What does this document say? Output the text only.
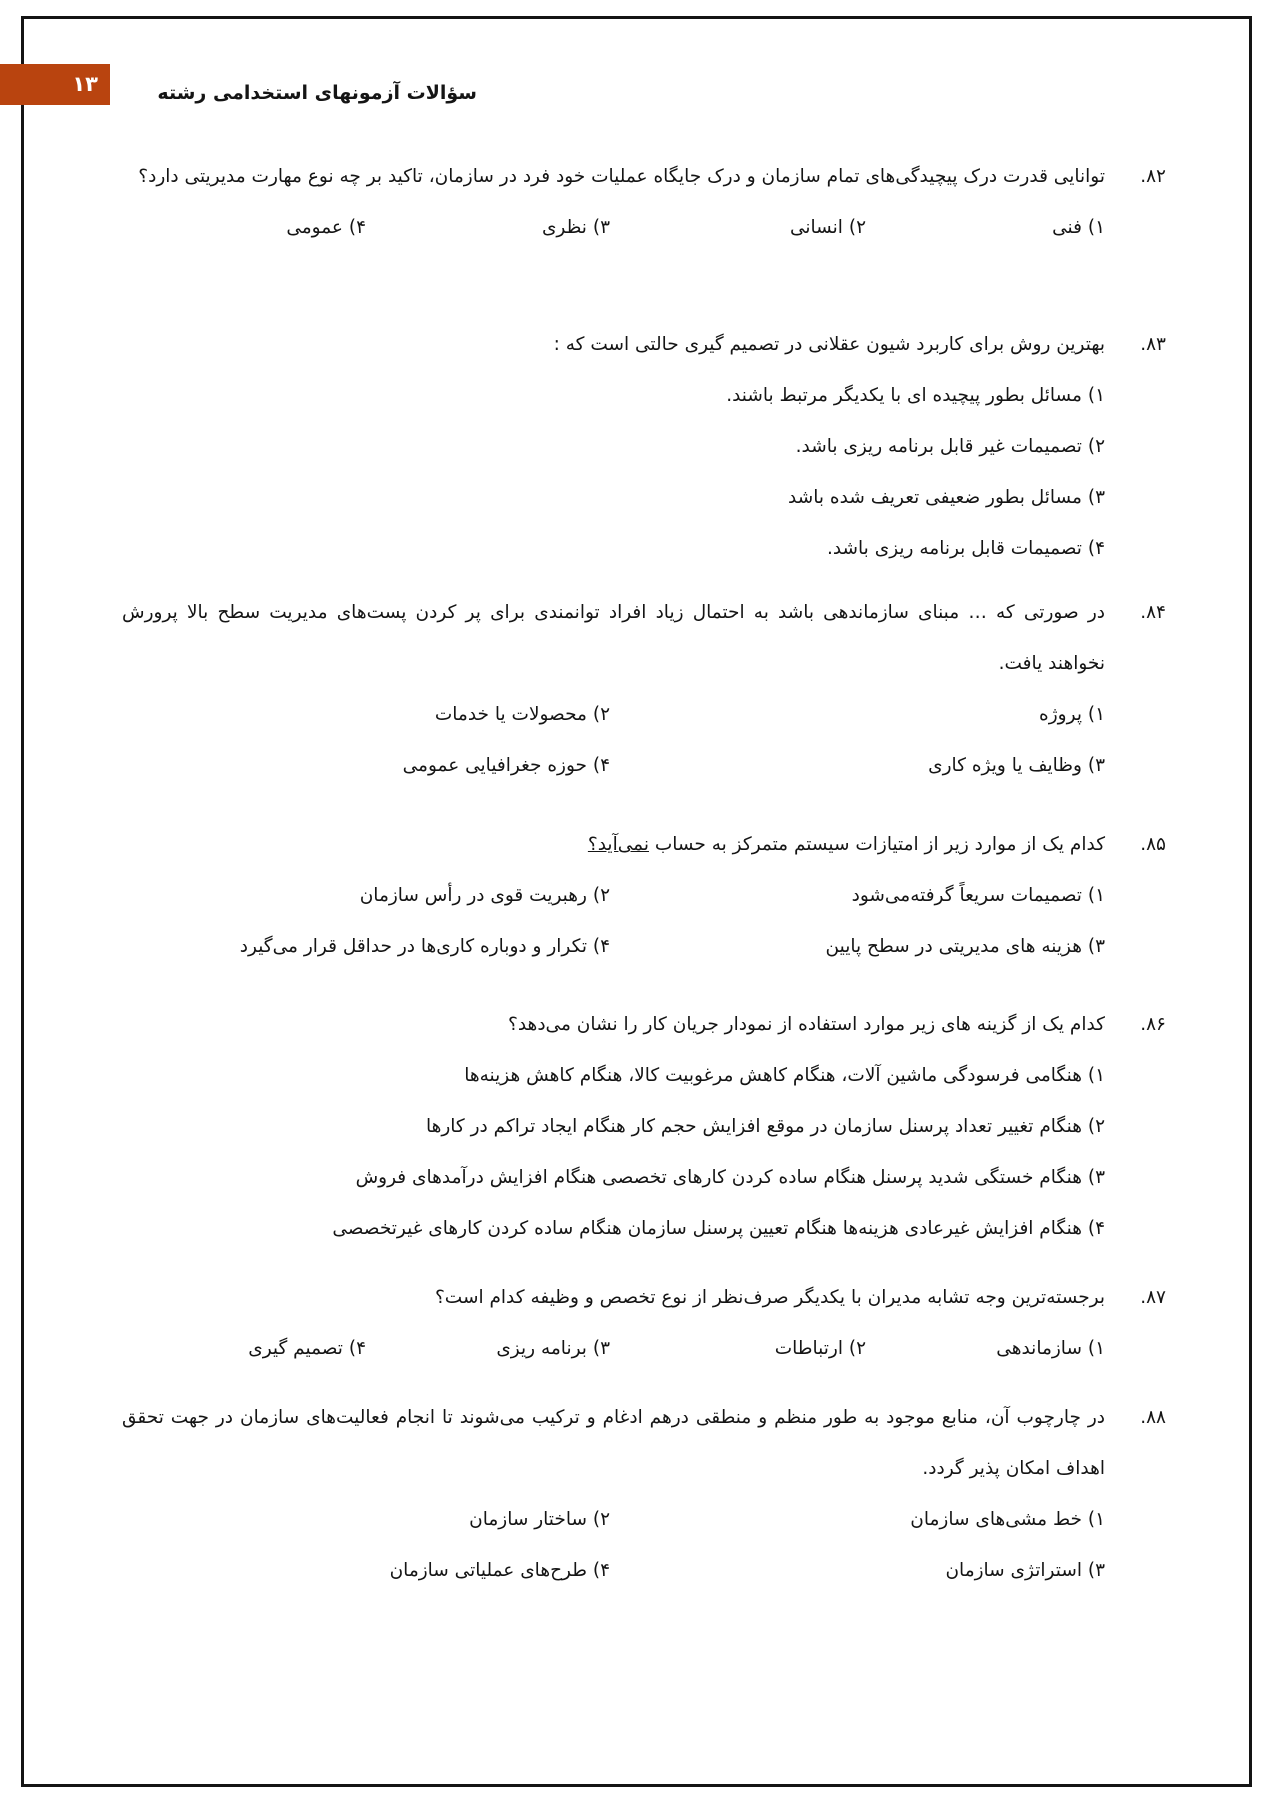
۱۳	سؤالات آزمونهای استخدامی رشته
۸۲.
توانایی قدرت درک پیچیدگی‌های تمام سازمان و درک جایگاه عملیات خود فرد در سازمان، تاکید بر چه نوع مهارت مدیریتی دارد؟
۱) فنی
۲) انسانی
۳) نظری
۴) عمومی
۸۳.
بهترین روش برای کاربرد شیون عقلانی در تصمیم گیری حالتی است که :
۱) مسائل بطور پیچیده ای با یکدیگر مرتبط باشند.
۲) تصمیمات غیر قابل برنامه ریزی باشد.
۳) مسائل بطور ضعیفی تعریف شده باشد
۴) تصمیمات قابل برنامه ریزی باشد.
۸۴.
در صورتی که … مبنای سازماندهی باشد به احتمال زیاد افراد توانمندی برای پر کردن پست‌های مدیریت سطح بالا پرورش نخواهند یافت.
۱) پروژه
۲) محصولات یا خدمات
۳) وظایف یا ویژه کاری
۴) حوزه جغرافیایی عمومی
۸۵.
کدام یک از موارد زیر از امتیازات سیستم متمرکز به حساب نمی‌آید؟
۱) تصمیمات سریعاً گرفته‌می‌شود
۲) رهبریت قوی در رأس سازمان
۳) هزینه های مدیریتی در سطح پایین
۴) تکرار و دوباره کاری‌ها در حداقل قرار می‌گیرد
۸۶.
کدام یک از گزینه های زیر موارد استفاده از نمودار جریان کار را نشان می‌دهد؟
۱) هنگامی فرسودگی ماشین آلات، هنگام کاهش مرغوبیت کالا، هنگام کاهش هزینه‌ها
۲) هنگام تغییر تعداد پرسنل سازمان در موقع افزایش حجم کار هنگام ایجاد تراکم در کارها
۳) هنگام خستگی شدید پرسنل هنگام ساده کردن کارهای تخصصی هنگام افزایش درآمدهای فروش
۴) هنگام افزایش غیرعادی هزینه‌ها هنگام تعیین پرسنل سازمان هنگام ساده کردن کارهای غیرتخصصی
۸۷.
برجسته‌ترین وجه تشابه مدیران با یکدیگر صرف‌نظر از نوع تخصص و وظیفه کدام است؟
۱) سازماندهی
۲) ارتباطات
۳) برنامه ریزی
۴) تصمیم گیری
۸۸.
در چارچوب آن، منابع موجود به طور منظم و منطقی درهم ادغام و ترکیب می‌شوند تا انجام فعالیت‌های سازمان در جهت تحقق اهداف امکان پذیر گردد.
۱) خط مشی‌های سازمان
۲) ساختار سازمان
۳) استراتژی سازمان
۴) طرح‌های عملیاتی سازمان
